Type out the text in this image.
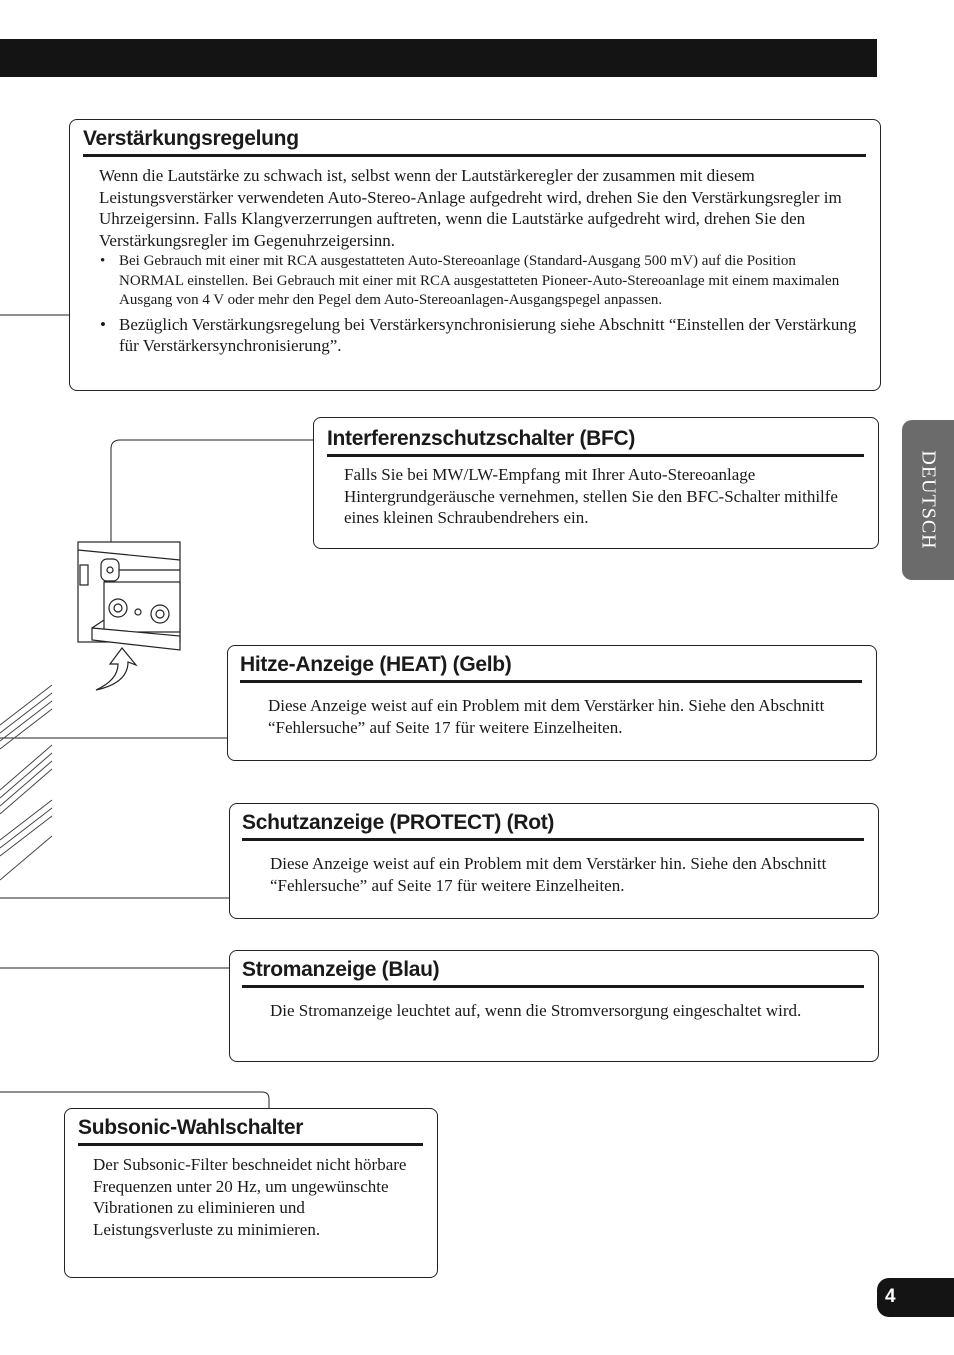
Verstärkungsregelung

Wenn die Lautstärke zu schwach ist, selbst wenn der Lautstärkeregler der zusammen mit diesem Leistungsverstärker verwendeten Auto-Stereo-Anlage aufgedreht wird, drehen Sie den Verstärkungsregler im Uhrzeigersinn. Falls Klangverzerrungen auftreten, wenn die Lautstärke aufgedreht wird, drehen Sie den Verstärkungsregler im Gegenuhrzeigersinn.

• Bei Gebrauch mit einer mit RCA ausgestatteten Auto-Stereoanlage (Standard-Ausgang 500 mV) auf die Position NORMAL einstellen. Bei Gebrauch mit einer mit RCA ausgestatteten Pioneer-Auto-Stereoanlage mit einem maximalen Ausgang von 4 V oder mehr den Pegel dem Auto-Stereoanlagen-Ausgangspegel anpassen.
• Bezüglich Verstärkungsregelung bei Verstärkersynchronisierung siehe Abschnitt “Einstellen der Verstärkung für Verstärkersynchronisierung”.
Interferenzschutzschalter (BFC)

Falls Sie bei MW/LW-Empfang mit Ihrer Auto-Stereoanlage Hintergrundgeräusche vernehmen, stellen Sie den BFC-Schalter mithilfe eines kleinen Schraubendrehers ein.

Hitze-Anzeige (HEAT) (Gelb)

Diese Anzeige weist auf ein Problem mit dem Verstärker hin. Siehe den Abschnitt “Fehlersuche” auf Seite 17 für weitere Einzelheiten.

Schutzanzeige (PROTECT) (Rot)

Diese Anzeige weist auf ein Problem mit dem Verstärker hin. Siehe den Abschnitt “Fehlersuche” auf Seite 17 für weitere Einzelheiten.

Stromanzeige (Blau)

Die Stromanzeige leuchtet auf, wenn die Stromversorgung eingeschaltet wird.

Subsonic-Wahlschalter

Der Subsonic-Filter beschneidet nicht hörbare Frequenzen unter 20 Hz, um ungewünschte Vibrationen zu eliminieren und Leistungsverluste zu minimieren.

DEUTSCH
4
